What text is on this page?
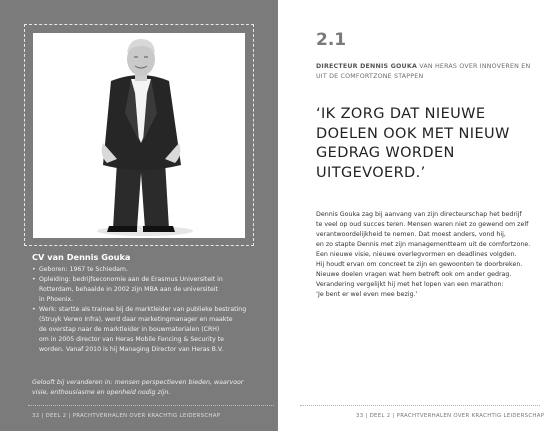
CV van Dennis Gouka
• Geboren: 1967 te Schiedam.
• Opleiding: bedrijfseconomie aan de Erasmus Universiteit in
Rotterdam, behaalde in 2002 zijn MBA aan de universiteit
in Phoenix.
• Werk: startte als trainee bij de marktleider van publieke bestrating
(Struyk Verwo Infra), werd daar marketingmanager en maakte
de overstap naar de marktleider in bouwmaterialen (CRH)
om in 2005 director van Heras Mobile Fencing & Security te
worden. Vanaf 2010 is hij Managing Director van Heras B.V.
Gelooft bij veranderen in: mensen perspectieven bieden, waarvoor
visie, enthousiasme en openheid nodig zijn.
32 | DEEL 2 | PRACHTVERHALEN OVER KRACHTIG LEIDERSCHAP
2.1
DIRECTEUR DENNIS GOUKA VAN HERAS OVER INNOVEREN EN
UIT DE COMFORTZONE STAPPEN
‘IK ZORG DAT NIEUWE
DOELEN OOK MET NIEUW
GEDRAG WORDEN
UITGEVOERD.’
Dennis Gouka zag bij aanvang van zijn directeurschap het bedrijf
te veel op oud succes teren. Mensen waren niet zo gewend om zelf
verantwoordelijkheid te nemen. Dat moest anders, vond hij,
en zo stapte Dennis met zijn managementteam uit de comfortzone.
Een nieuwe visie, nieuwe overlegvormen en deadlines volgden.
Hij houdt ervan om concreet te zijn en gewoonten te doorbreken.
Nieuwe doelen vragen wat hem betreft ook om ander gedrag.
Verandering vergelijkt hij met het lopen van een marathon:
‘Je bent er wel even mee bezig.’
33 | DEEL 2 | PRACHTVERHALEN OVER KRACHTIG LEIDERSCHAP
